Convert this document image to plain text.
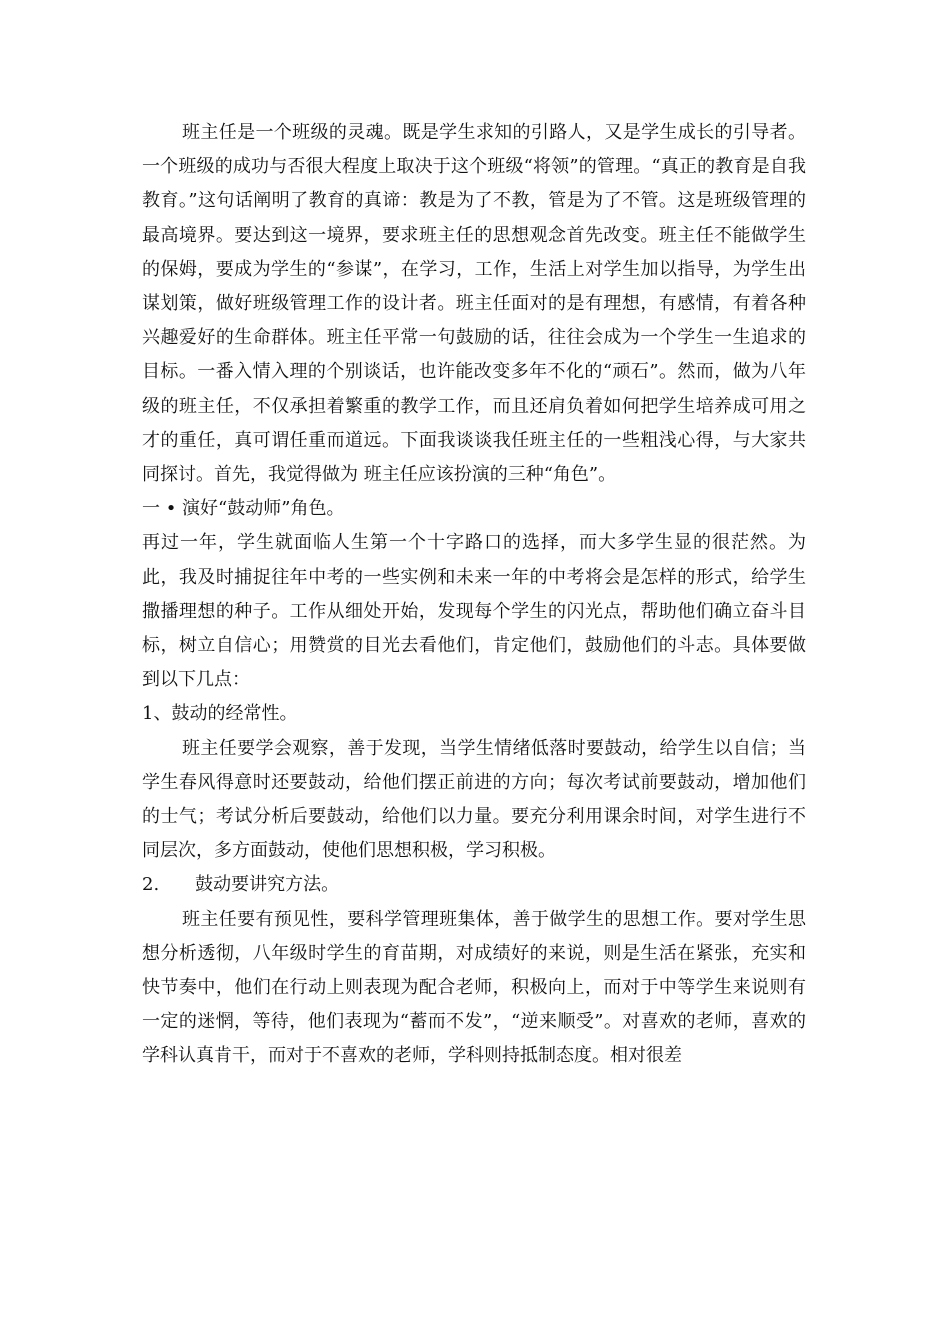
班主任是一个班级的灵魂。既是学生求知的引路人，又是学生成长的引导者。一个班级的成功与否很大程度上取决于这个班级“将领”的管理。“真正的教育是自我教育。”这句话阐明了教育的真谛：教是为了不教，管是为了不管。这是班级管理的最高境界。要达到这一境界，要求班主任的思想观念首先改变。班主任不能做学生的保姆，要成为学生的“参谋”，在学习，工作，生活上对学生加以指导，为学生出谋划策，做好班级管理工作的设计者。班主任面对的是有理想，有感情，有着各种兴趣爱好的生命群体。班主任平常一句鼓励的话，往往会成为一个学生一生追求的目标。一番入情入理的个别谈话，也许能改变多年不化的“顽石”。然而，做为八年级的班主任，不仅承担着繁重的教学工作，而且还肩负着如何把学生培养成可用之才的重任，真可谓任重而道远。下面我谈谈我任班主任的一些粗浅心得，与大家共同探讨。首先，我觉得做为 班主任应该扮演的三种“角色”。

一 • 演好“鼓动师”角色。

再过一年，学生就面临人生第一个十字路口的选择，而大多学生显的很茫然。为此，我及时捕捉往年中考的一些实例和未来一年的中考将会是怎样的形式，给学生撒播理想的种子。工作从细处开始，发现每个学生的闪光点，帮助他们确立奋斗目标，树立自信心；用赞赏的目光去看他们，肯定他们，鼓励他们的斗志。具体要做到以下几点：

1、鼓动的经常性。

班主任要学会观察，善于发现，当学生情绪低落时要鼓动，给学生以自信；当学生春风得意时还要鼓动，给他们摆正前进的方向；每次考试前要鼓动，增加他们的士气；考试分析后要鼓动，给他们以力量。要充分利用课余时间，对学生进行不同层次，多方面鼓动，使他们思想积极，学习积极。

2.　　鼓动要讲究方法。

班主任要有预见性，要科学管理班集体，善于做学生的思想工作。要对学生思想分析透彻，八年级时学生的育苗期，对成绩好的来说，则是生活在紧张，充实和快节奏中，他们在行动上则表现为配合老师，积极向上，而对于中等学生来说则有一定的迷惘，等待，他们表现为“蓄而不发”，“逆来顺受”。对喜欢的老师，喜欢的学科认真肯干，而对于不喜欢的老师，学科则持抵制态度。相对很差
